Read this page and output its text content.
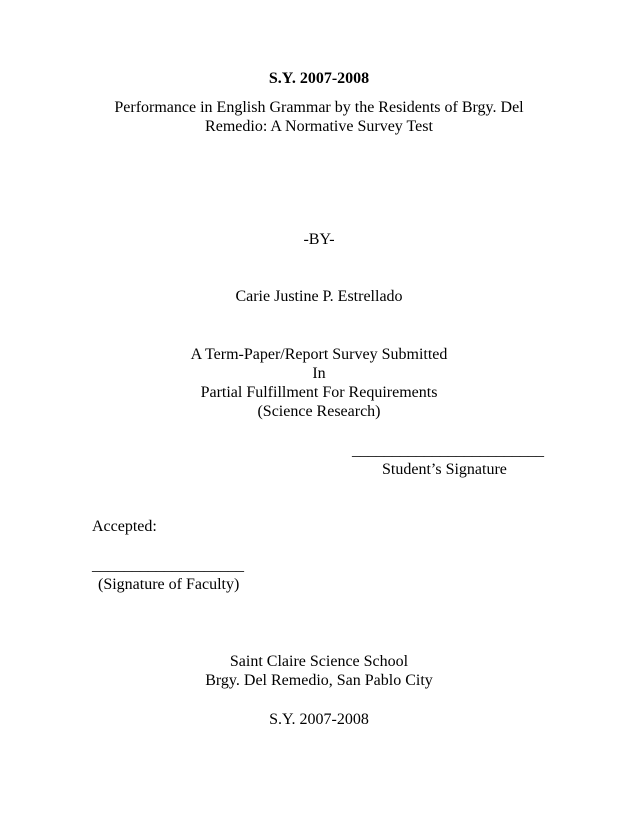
S.Y. 2007-2008
Performance in English Grammar by the Residents of Brgy. Del
Remedio: A Normative Survey Test
-BY-
Carie Justine P. Estrellado
A Term-Paper/Report Survey Submitted
In
Partial Fulfillment For Requirements
(Science Research)
________________________
Student’s Signature
Accepted:
___________________
(Signature of Faculty)
Saint Claire Science School
Brgy. Del Remedio, San Pablo City
S.Y. 2007-2008
